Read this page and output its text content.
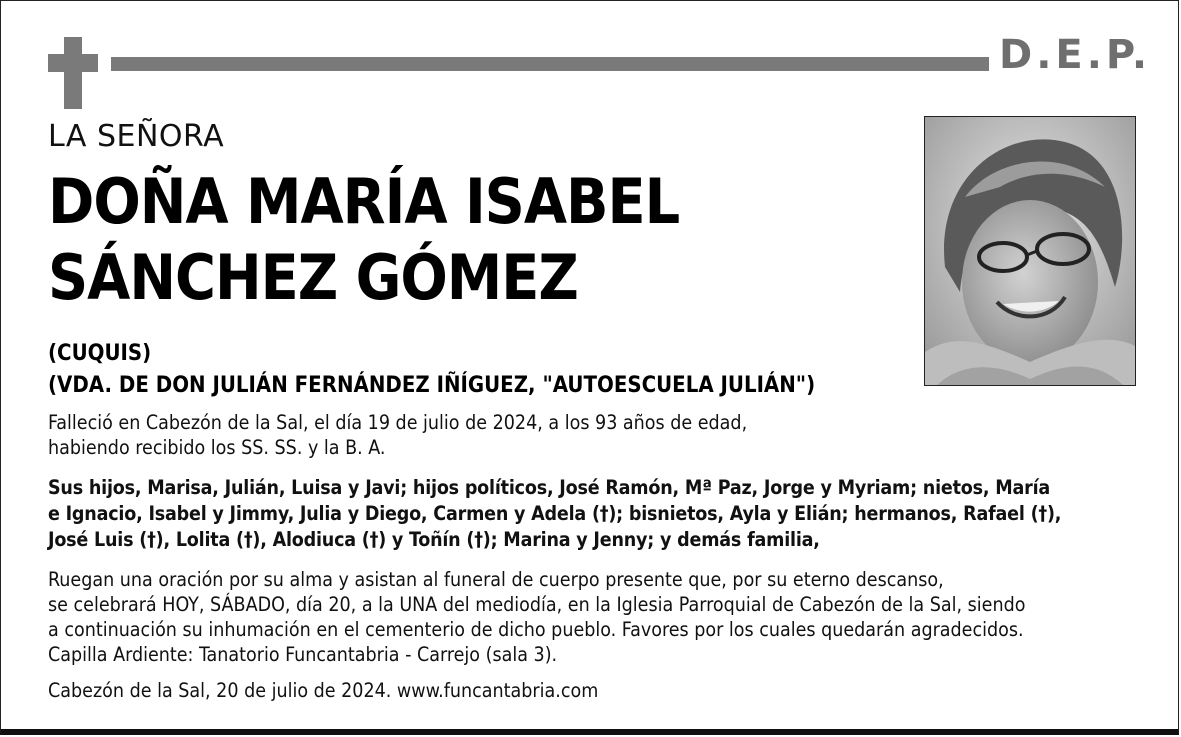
D.E.P.
LA SEÑORA
DOÑA MARÍA ISABEL
SÁNCHEZ GÓMEZ
(CUQUIS)
(VDA. DE DON JULIÁN FERNÁNDEZ IÑÍGUEZ, "AUTOESCUELA JULIÁN")
Falleció en Cabezón de la Sal, el día 19 de julio de 2024, a los 93 años de edad,
habiendo recibido los SS. SS. y la B. A.
Sus hijos, Marisa, Julián, Luisa y Javi; hijos políticos, José Ramón, Mª Paz, Jorge y Myriam; nietos, María
e Ignacio, Isabel y Jimmy, Julia y Diego, Carmen y Adela (†); bisnietos, Ayla y Elián; hermanos, Rafael (†),
José Luis (†), Lolita (†), Alodiuca (†) y Toñín (†); Marina y Jenny; y demás familia,
Ruegan una oración por su alma y asistan al funeral de cuerpo presente que, por su eterno descanso,
se celebrará HOY, SÁBADO, día 20, a la UNA del mediodía, en la Iglesia Parroquial de Cabezón de la Sal, siendo
a continuación su inhumación en el cementerio de dicho pueblo. Favores por los cuales quedarán agradecidos.
Capilla Ardiente: Tanatorio Funcantabria - Carrejo (sala 3).
Cabezón de la Sal, 20 de julio de 2024. www.funcantabria.com
